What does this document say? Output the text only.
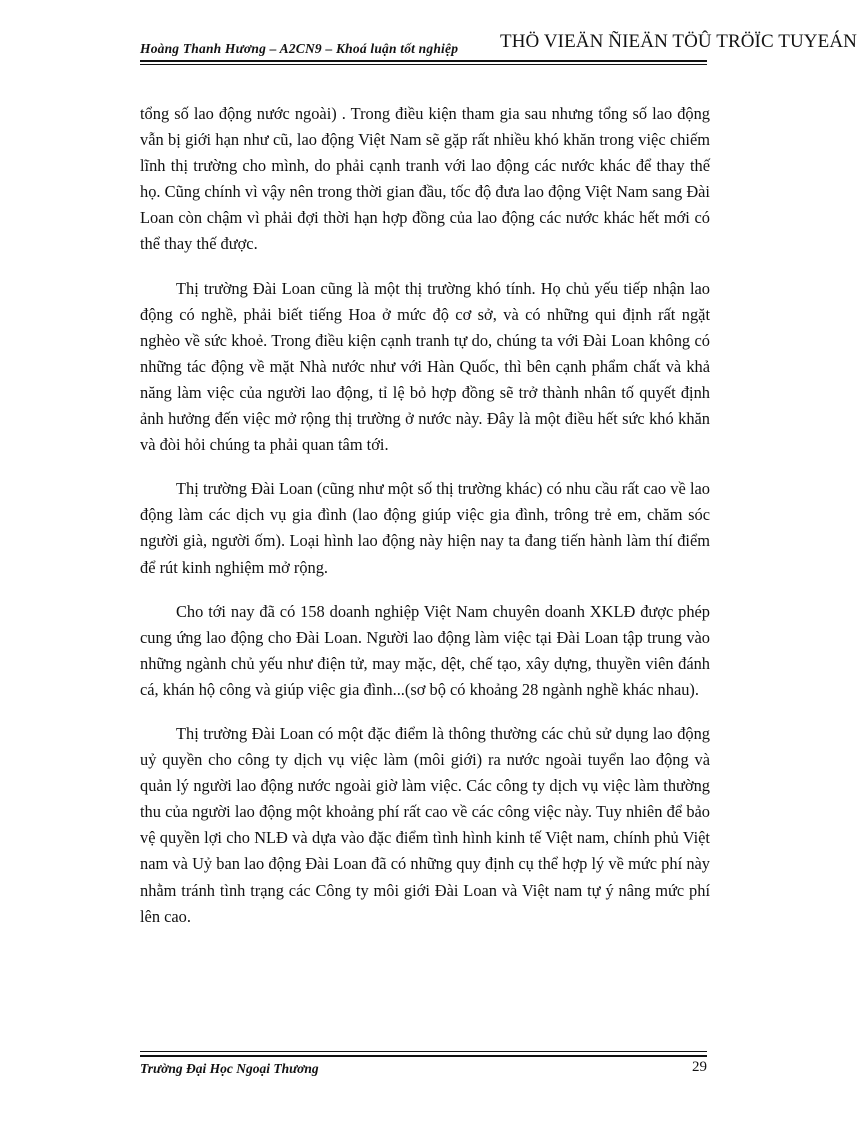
Hoàng Thanh Hương – A2CN9 – Khoá luận tốt nghiệp THÖ VIEÄN ÑIEÄN TÖÛ TRÖÏC TUYEÁN

tổng số lao động nước ngoài) . Trong điều kiện tham gia sau nhưng tổng số lao động vẫn bị giới hạn như cũ, lao động Việt Nam sẽ gặp rất nhiều khó khăn trong việc chiếm lĩnh thị trường cho mình, do phải cạnh tranh với lao động các nước khác để thay thế họ. Cũng chính vì vậy nên trong thời gian đầu, tốc độ đưa lao động Việt Nam sang Đài Loan còn chậm vì phải đợi thời hạn hợp đồng của lao động các nước khác hết mới có thể thay thế được.

Thị trường Đài Loan cũng là một thị trường khó tính. Họ chủ yếu tiếp nhận lao động có nghề, phải biết tiếng Hoa ở mức độ cơ sở, và có những qui định rất ngặt nghèo về sức khoẻ. Trong điều kiện cạnh tranh tự do, chúng ta với Đài Loan không có những tác động về mặt Nhà nước như với Hàn Quốc, thì bên cạnh phẩm chất và khả năng làm việc của người lao động, tỉ lệ bỏ hợp đồng sẽ trở thành nhân tố quyết định ảnh hưởng đến việc mở rộng thị trường ở nước này. Đây là một điều hết sức khó khăn và đòi hỏi chúng ta phải quan tâm tới.

Thị trường Đài Loan (cũng như một số thị trường khác) có nhu cầu rất cao về lao động làm các dịch vụ gia đình (lao động giúp việc gia đình, trông trẻ em, chăm sóc người già, người ốm). Loại hình lao động này hiện nay ta đang tiến hành làm thí điểm để rút kinh nghiệm mở rộng.

Cho tới nay đã có 158 doanh nghiệp Việt Nam chuyên doanh XKLĐ được phép cung ứng lao động cho Đài Loan. Người lao động làm việc tại Đài Loan tập trung vào những ngành chủ yếu như điện tử, may mặc, dệt, chế tạo, xây dựng, thuyền viên đánh cá, khán hộ công và giúp việc gia đình...(sơ bộ có khoảng 28 ngành nghề khác nhau).

Thị trường Đài Loan có một đặc điểm là thông thường các chủ sử dụng lao động uỷ quyền cho công ty dịch vụ việc làm (môi giới) ra nước ngoài tuyển lao động và quản lý người lao động nước ngoài giờ làm việc. Các công ty dịch vụ việc làm thường thu của người lao động một khoảng phí rất cao về các công việc này. Tuy nhiên để bảo vệ quyền lợi cho NLĐ và dựa vào đặc điểm tình hình kinh tế Việt nam, chính phủ Việt nam và Uỷ ban lao động Đài Loan đã có những quy định cụ thể hợp lý về mức phí này nhằm tránh tình trạng các Công ty môi giới Đài Loan và Việt nam tự ý nâng mức phí lên cao.

Trường Đại Học Ngoại Thương	29
